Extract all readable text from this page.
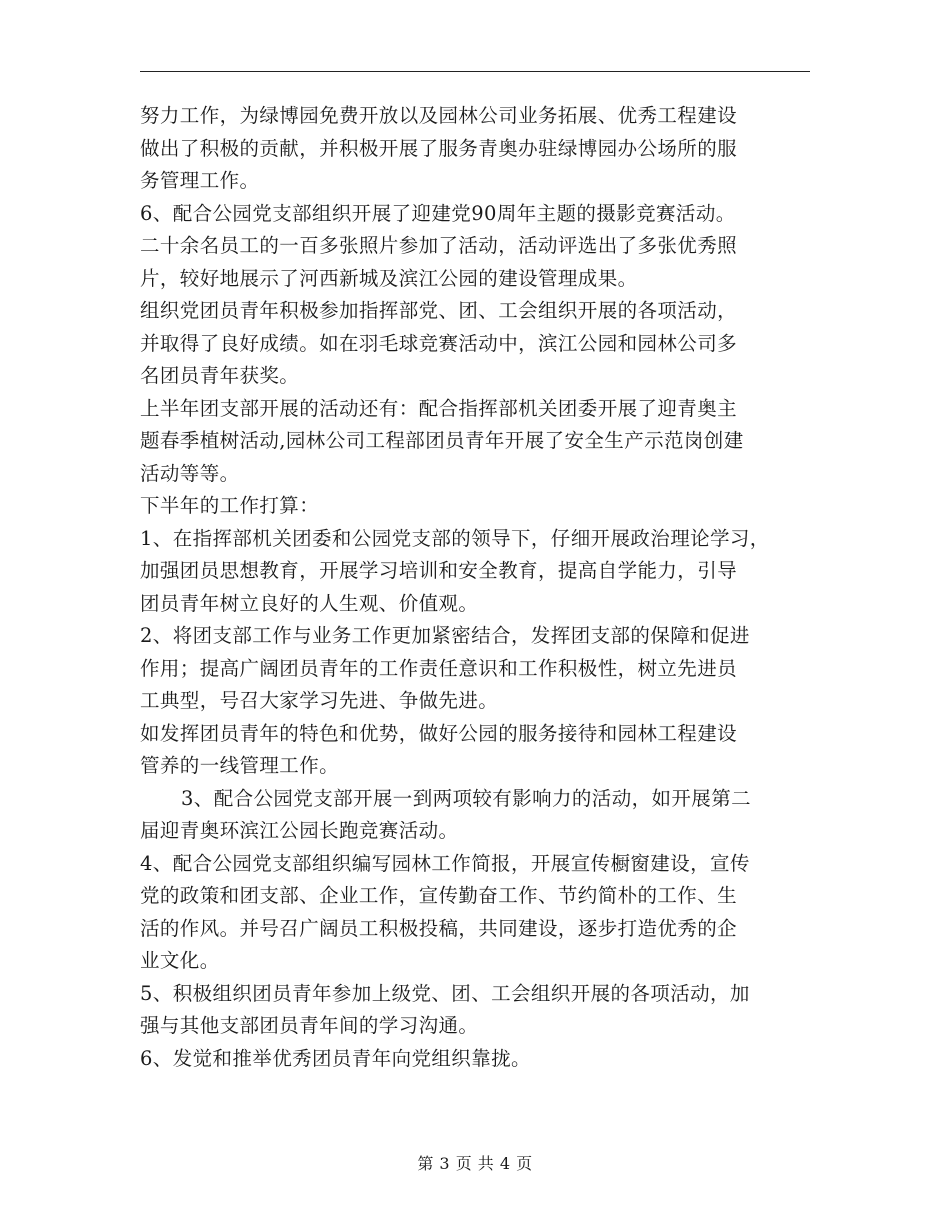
努力工作，为绿博园免费开放以及园林公司业务拓展、优秀工程建设
做出了积极的贡献，并积极开展了服务青奥办驻绿博园办公场所的服
务管理工作。
6、配合公园党支部组织开展了迎建党90周年主题的摄影竞赛活动。
二十余名员工的一百多张照片参加了活动，活动评选出了多张优秀照
片，较好地展示了河西新城及滨江公园的建设管理成果。
组织党团员青年积极参加指挥部党、团、工会组织开展的各项活动，
并取得了良好成绩。如在羽毛球竞赛活动中，滨江公园和园林公司多
名团员青年获奖。
上半年团支部开展的活动还有：配合指挥部机关团委开展了迎青奥主
题春季植树活动,园林公司工程部团员青年开展了安全生产示范岗创建
活动等等。
下半年的工作打算：
1、在指挥部机关团委和公园党支部的领导下，仔细开展政治理论学习，
加强团员思想教育，开展学习培训和安全教育，提高自学能力，引导
团员青年树立良好的人生观、价值观。
2、将团支部工作与业务工作更加紧密结合，发挥团支部的保障和促进
作用；提高广阔团员青年的工作责任意识和工作积极性，树立先进员
工典型，号召大家学习先进、争做先进。
如发挥团员青年的特色和优势，做好公园的服务接待和园林工程建设
管养的一线管理工作。
3、配合公园党支部开展一到两项较有影响力的活动，如开展第二
届迎青奥环滨江公园长跑竞赛活动。
4、配合公园党支部组织编写园林工作简报，开展宣传橱窗建设，宣传
党的政策和团支部、企业工作，宣传勤奋工作、节约简朴的工作、生
活的作风。并号召广阔员工积极投稿，共同建设，逐步打造优秀的企
业文化。
5、积极组织团员青年参加上级党、团、工会组织开展的各项活动，加
强与其他支部团员青年间的学习沟通。
6、发觉和推举优秀团员青年向党组织靠拢。
第 3 页 共 4 页
